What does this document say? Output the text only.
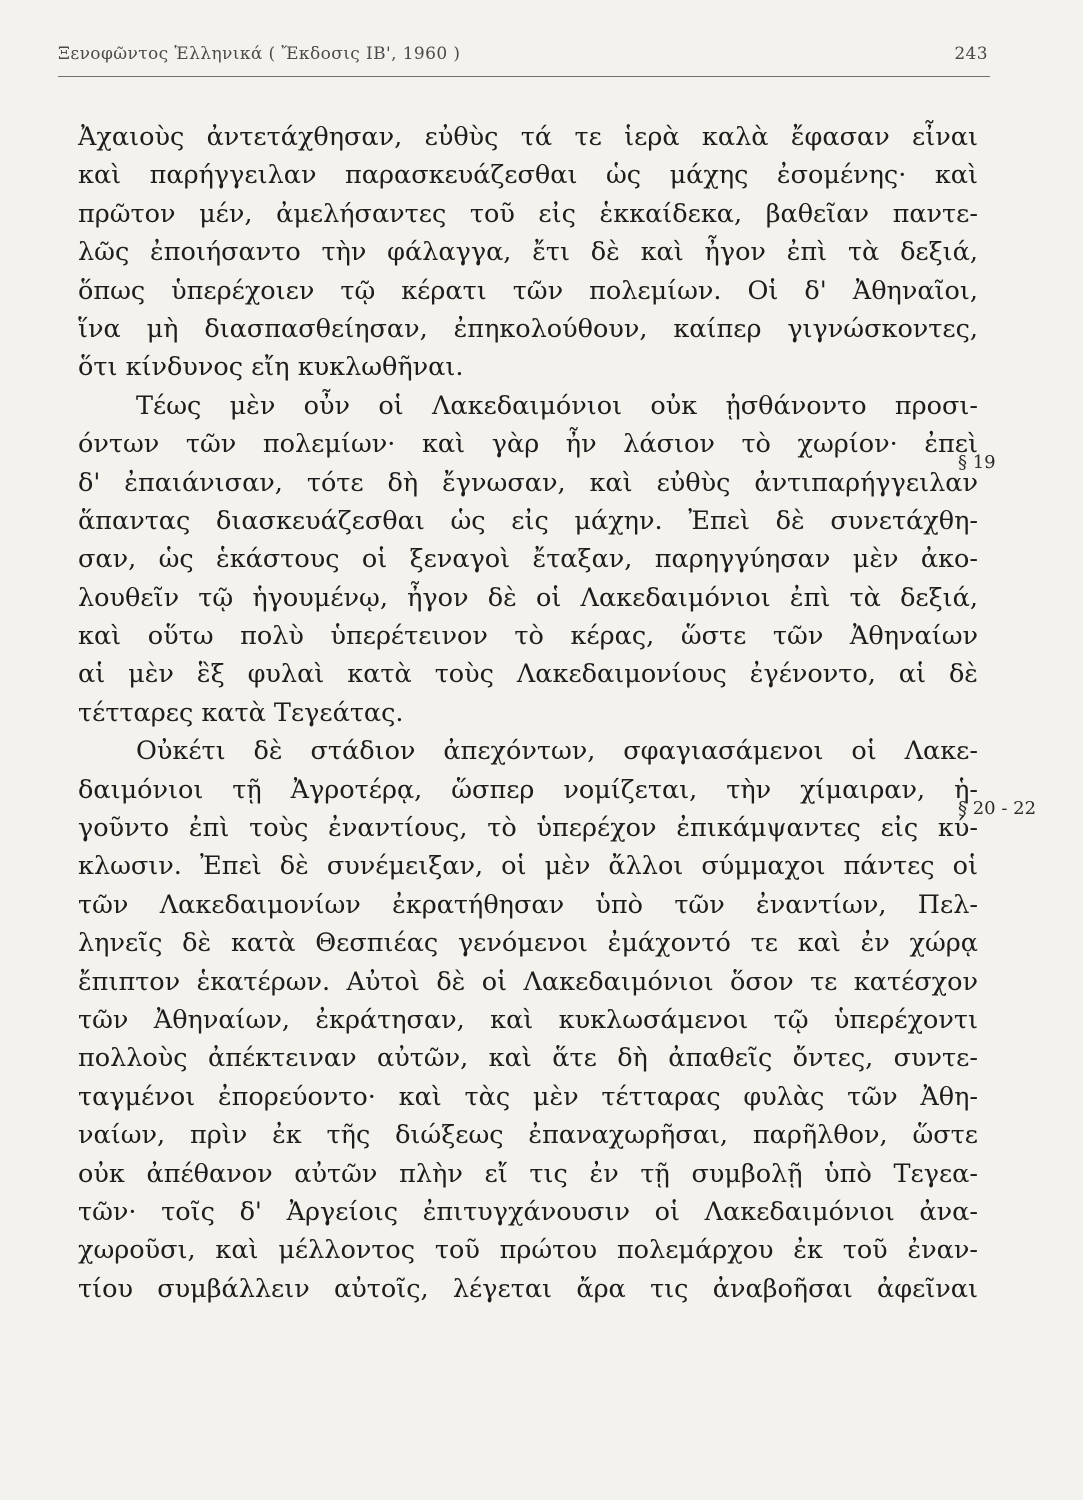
Ξενοφῶντος Ἑλληνικά ( Ἔκδοσις ΙΒ', 1960 )	243
Ἀχαιοὺς ἀντετάχθησαν, εὐθὺς τά τε ἱερὰ καλὰ ἔφασαν εἶναι
καὶ παρήγγειλαν παρασκευάζεσθαι ὡς μάχης ἐσομένης· καὶ
πρῶτον μέν, ἀμελήσαντες τοῦ εἰς ἑκκαίδεκα, βαθεῖαν παντε-
λῶς ἐποιήσαντο τὴν φάλαγγα, ἔτι δὲ καὶ ἦγον ἐπὶ τὰ δεξιά,
ὅπως ὑπερέχοιεν τῷ κέρατι τῶν πολεμίων. Οἱ δ' Ἀθηναῖοι,
ἵνα μὴ διασπασθείησαν, ἐπηκολούθουν, καίπερ γιγνώσκοντες,
ὅτι κίνδυνος εἴη κυκλωθῆναι.
Τέως μὲν οὖν οἱ Λακεδαιμόνιοι οὐκ ᾐσθάνοντο προσι-
όντων τῶν πολεμίων· καὶ γὰρ ἦν λάσιον τὸ χωρίον· ἐπεὶ
δ' ἐπαιάνισαν, τότε δὴ ἔγνωσαν, καὶ εὐθὺς ἀντιπαρήγγειλαν
ἅπαντας διασκευάζεσθαι ὡς εἰς μάχην. Ἐπεὶ δὲ συνετάχθη-
σαν, ὡς ἑκάστους οἱ ξεναγοὶ ἔταξαν, παρηγγύησαν μὲν ἀκο-
λουθεῖν τῷ ἡγουμένῳ, ἦγον δὲ οἱ Λακεδαιμόνιοι ἐπὶ τὰ δεξιά,
καὶ οὕτω πολὺ ὑπερέτεινον τὸ κέρας, ὥστε τῶν Ἀθηναίων
αἱ μὲν ἓξ φυλαὶ κατὰ τοὺς Λακεδαιμονίους ἐγένοντο, αἱ δὲ
τέτταρες κατὰ Τεγεάτας.
Οὐκέτι δὲ στάδιον ἀπεχόντων, σφαγιασάμενοι οἱ Λακε-
δαιμόνιοι τῇ Ἀγροτέρᾳ, ὥσπερ νομίζεται, τὴν χίμαιραν, ἡ-
γοῦντο ἐπὶ τοὺς ἐναντίους, τὸ ὑπερέχον ἐπικάμψαντες εἰς κύ-
κλωσιν. Ἐπεὶ δὲ συνέμειξαν, οἱ μὲν ἄλλοι σύμμαχοι πάντες οἱ
τῶν Λακεδαιμονίων ἐκρατήθησαν ὑπὸ τῶν ἐναντίων, Πελ-
ληνεῖς δὲ κατὰ Θεσπιέας γενόμενοι ἐμάχοντό τε καὶ ἐν χώρᾳ
ἔπιπτον ἑκατέρων. Αὐτοὶ δὲ οἱ Λακεδαιμόνιοι ὅσον τε κατέσχον
τῶν Ἀθηναίων, ἐκράτησαν, καὶ κυκλωσάμενοι τῷ ὑπερέχοντι
πολλοὺς ἀπέκτειναν αὐτῶν, καὶ ἅτε δὴ ἀπαθεῖς ὄντες, συντε-
ταγμένοι ἐπορεύοντο· καὶ τὰς μὲν τέτταρας φυλὰς τῶν Ἀθη-
ναίων, πρὶν ἐκ τῆς διώξεως ἐπαναχωρῆσαι, παρῆλθον, ὥστε
οὐκ ἀπέθανον αὐτῶν πλὴν εἴ τις ἐν τῇ συμβολῇ ὑπὸ Τεγεα-
τῶν· τοῖς δ' Ἀργείοις ἐπιτυγχάνουσιν οἱ Λακεδαιμόνιοι ἀνα-
χωροῦσι, καὶ μέλλοντος τοῦ πρώτου πολεμάρχου ἐκ τοῦ ἐναν-
τίου συμβάλλειν αὐτοῖς, λέγεται ἄρα τις ἀναβοῆσαι ἀφεῖναι
§ 19
§ 20 - 22
